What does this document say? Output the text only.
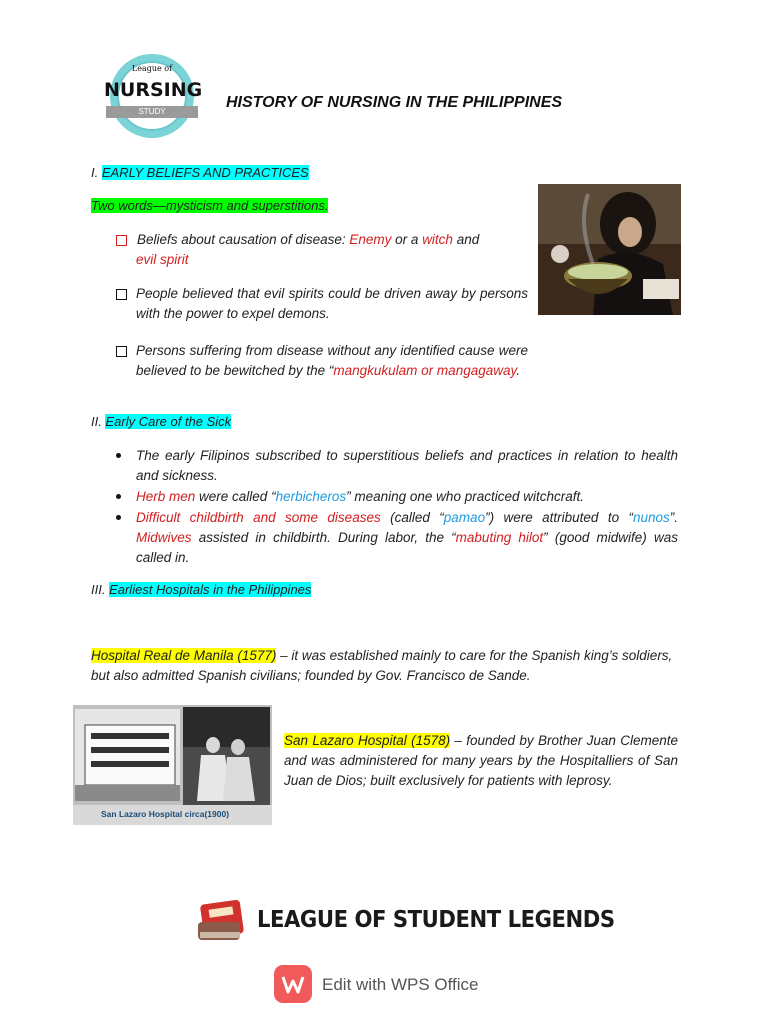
League of
NURSING
STUDY
HISTORY OF NURSING IN THE PHILIPPINES
I. EARLY BELIEFS AND PRACTICES
Two words—mysticism and superstitions.
Beliefs about causation of disease: Enemy or a witch and
evil spirit
People believed that evil spirits could be driven away by persons with the power to expel demons.
Persons suffering from disease without any identified cause were believed to be bewitched by the “mangkukulam or mangagaway.
II. Early Care of the Sick
The early Filipinos subscribed to superstitious beliefs and practices in relation to health and sickness.
Herb men were called “herbicheros” meaning one who practiced witchcraft.
Difficult childbirth and some diseases (called “pamao”) were attributed to “nunos”. Midwives assisted in childbirth. During labor, the “mabuting hilot” (good midwife) was called in.
III. Earliest Hospitals in the Philippines
Hospital Real de Manila (1577) – it was established mainly to care for the Spanish king’s soldiers, but also admitted Spanish civilians; founded by Gov. Francisco de Sande.
San Lazaro Hospital circa(1900)
San Lazaro Hospital (1578) – founded by Brother Juan Clemente and was administered for many years by the Hospitalliers of San Juan de Dios; built exclusively for patients with leprosy.
LEAGUE OF STUDENT LEGENDS
Edit with WPS Office
